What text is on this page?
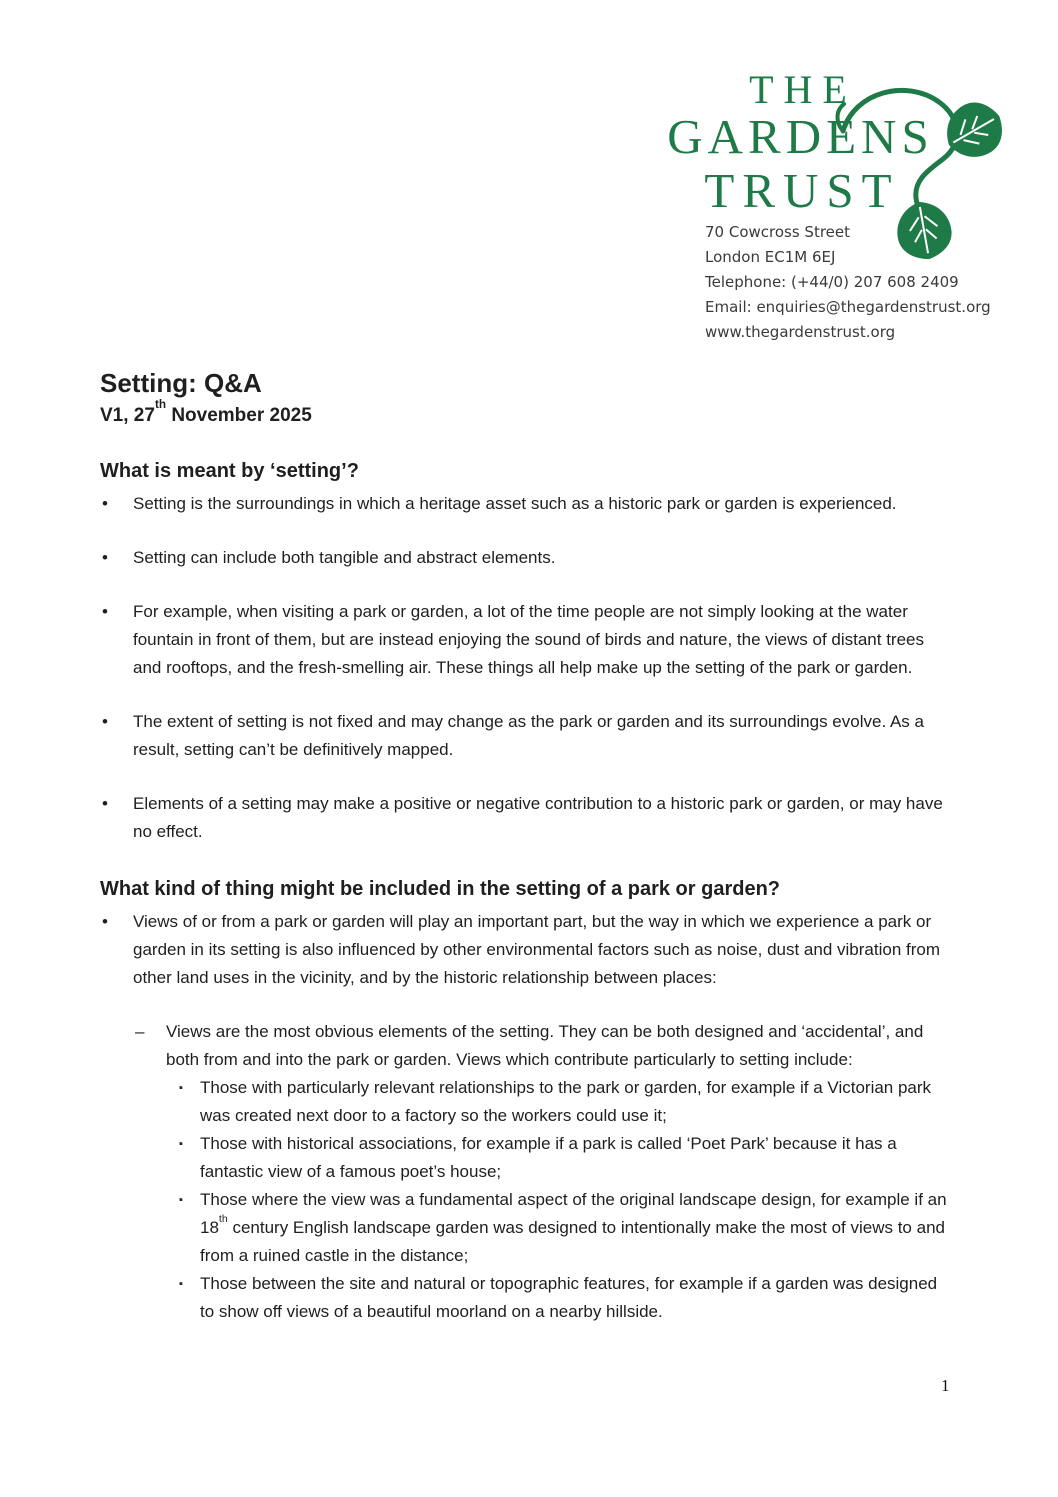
THE
GARDENS
TRUST
70 Cowcross Street
London EC1M 6EJ
Telephone: (+44/0) 207 608 2409
Email: enquiries@thegardenstrust.org
www.thegardenstrust.org
Setting: Q&A

V1, 27th November 2025

What is meant by ‘setting’?
• Setting is the surroundings in which a heritage asset such as a historic park or garden is experienced.
• Setting can include both tangible and abstract elements.
• For example, when visiting a park or garden, a lot of the time people are not simply looking at the water fountain in front of them, but are instead enjoying the sound of birds and nature, the views of distant trees and rooftops, and the fresh-smelling air. These things all help make up the setting of the park or garden.
• The extent of setting is not fixed and may change as the park or garden and its surroundings evolve. As a result, setting can’t be definitively mapped.
• Elements of a setting may make a positive or negative contribution to a historic park or garden, or may have no effect.
What kind of thing might be included in the setting of a park or garden?
• Views of or from a park or garden will play an important part, but the way in which we experience a park or garden in its setting is also influenced by other environmental factors such as noise, dust and vibration from other land uses in the vicinity, and by the historic relationship between places:
– Views are the most obvious elements of the setting. They can be both designed and ‘accidental’, and both from and into the park or garden. Views which contribute particularly to setting include:
▪ Those with particularly relevant relationships to the park or garden, for example if a Victorian park was created next door to a factory so the workers could use it;
▪ Those with historical associations, for example if a park is called ‘Poet Park’ because it has a fantastic view of a famous poet’s house;
▪ Those where the view was a fundamental aspect of the original landscape design, for example if an 18th century English landscape garden was designed to intentionally make the most of views to and from a ruined castle in the distance;
▪ Those between the site and natural or topographic features, for example if a garden was designed to show off views of a beautiful moorland on a nearby hillside.
1
